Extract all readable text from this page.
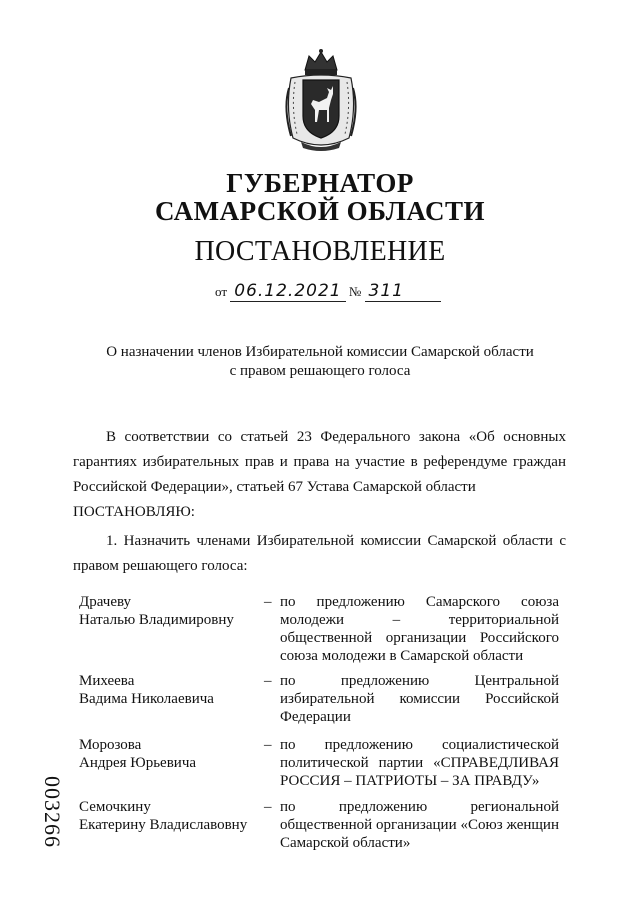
ГУБЕРНАТОР
САМАРСКОЙ ОБЛАСТИ
ПОСТАНОВЛЕНИЕ
от 06.12.2021 № 311
О назначении членов Избирательной комиссии Самарской области
с правом решающего голоса
В соответствии со статьей 23 Федерального закона «Об основных гарантиях избирательных прав и права на участие в референдуме граждан Российской Федерации», статьей 67 Устава Самарской области
ПОСТАНОВЛЯЮ:
1. Назначить членами Избирательной комиссии Самарской области с правом решающего голоса:
Драчеву
Наталью Владимировну
– по предложению Самарского союза молодежи – территориальной общественной организации Российского союза молодежи в Самарской области
Михеева
Вадима Николаевича
– по предложению Центральной избирательной комиссии Российской Федерации
Морозова
Андрея Юрьевича
– по предложению социалистической политической партии «СПРАВЕДЛИВАЯ РОССИЯ – ПАТРИОТЫ – ЗА ПРАВДУ»
Семочкину
Екатерину Владиславовну
– по предложению региональной общественной организации «Союз женщин Самарской области»
003266
